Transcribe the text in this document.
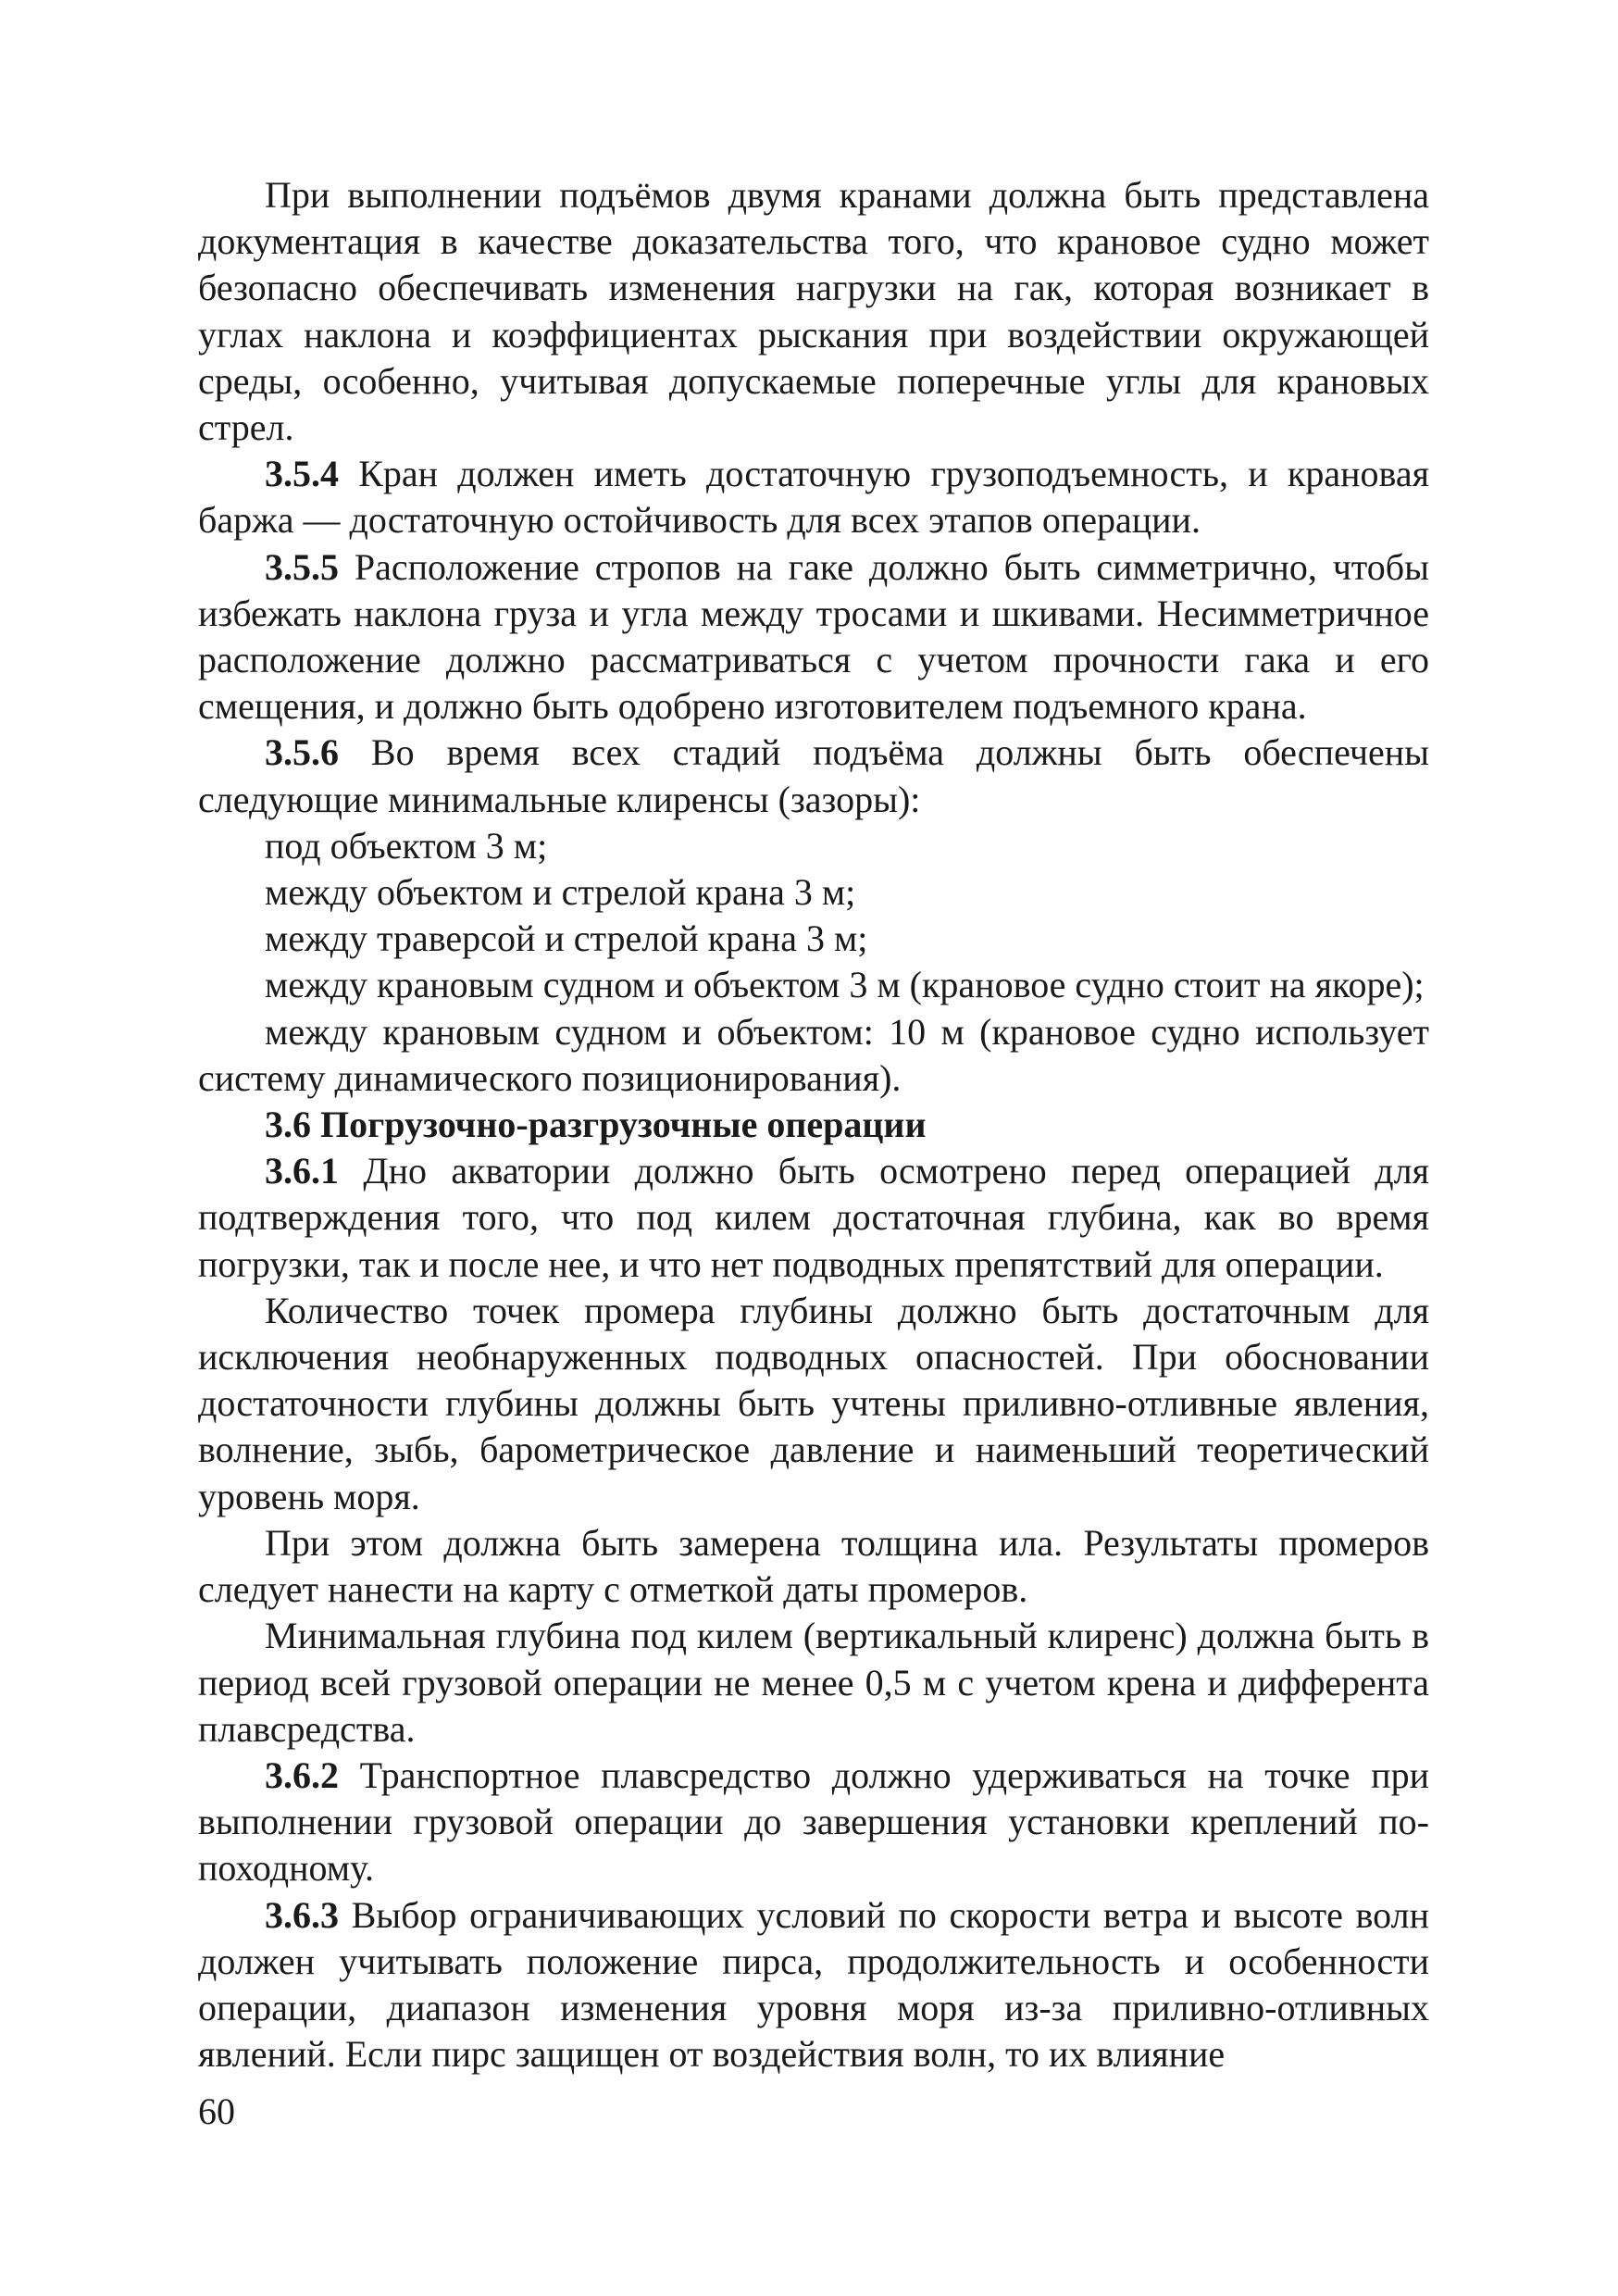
При выполнении подъёмов двумя кранами должна быть представлена документация в качестве доказательства того, что крановое судно может безопасно обеспечивать изменения нагрузки на гак, которая возникает в углах наклона и коэффициентах рыскания при воздействии окружающей среды, особенно, учитывая допускаемые поперечные углы для крановых стрел.

3.5.4 Кран должен иметь достаточную грузоподъемность, и крановая баржа — достаточную остойчивость для всех этапов операции.

3.5.5 Расположение стропов на гаке должно быть симметрично, чтобы избежать наклона груза и угла между тросами и шкивами. Несимметричное расположение должно рассматриваться с учетом прочности гака и его смещения, и должно быть одобрено изготовителем подъемного крана.

3.5.6 Во время всех стадий подъёма должны быть обеспечены следующие минимальные клиренсы (зазоры):

под объектом 3 м;

между объектом и стрелой крана 3 м;

между траверсой и стрелой крана 3 м;

между крановым судном и объектом 3 м (крановое судно стоит на якоре);

между крановым судном и объектом: 10 м (крановое судно использует систему динамического позиционирования).

3.6 Погрузочно-разгрузочные операции

3.6.1 Дно акватории должно быть осмотрено перед операцией для подтверждения того, что под килем достаточная глубина, как во время погрузки, так и после нее, и что нет подводных препятствий для операции.

Количество точек промера глубины должно быть достаточным для исключения необнаруженных подводных опасностей. При обосновании достаточности глубины должны быть учтены приливно-отливные явления, волнение, зыбь, барометрическое давление и наименьший теоретический уровень моря.

При этом должна быть замерена толщина ила. Результаты промеров следует нанести на карту с отметкой даты промеров.

Минимальная глубина под килем (вертикальный клиренс) должна быть в период всей грузовой операции не менее 0,5 м с учетом крена и дифферента плавсредства.

3.6.2 Транспортное плавсредство должно удерживаться на точке при выполнении грузовой операции до завершения установки креплений по-походному.

3.6.3 Выбор ограничивающих условий по скорости ветра и высоте волн должен учитывать положение пирса, продолжительность и особенности операции, диапазон изменения уровня моря из-за приливно-отливных явлений. Если пирс защищен от воздействия волн, то их влияние

60
